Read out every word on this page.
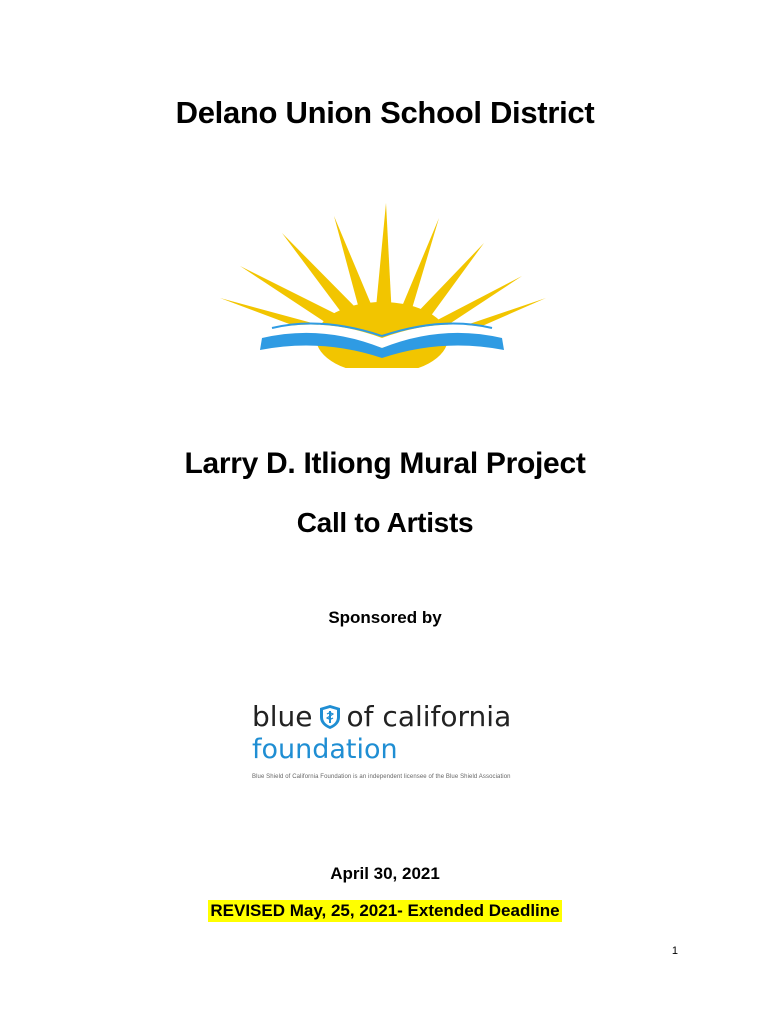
Delano Union School District
Larry D. Itliong Mural Project
Call to Artists
Sponsored by
blue of california
foundation
Blue Shield of California Foundation is an independent licensee of the Blue Shield Association
April 30, 2021
REVISED May, 25, 2021- Extended Deadline
1
